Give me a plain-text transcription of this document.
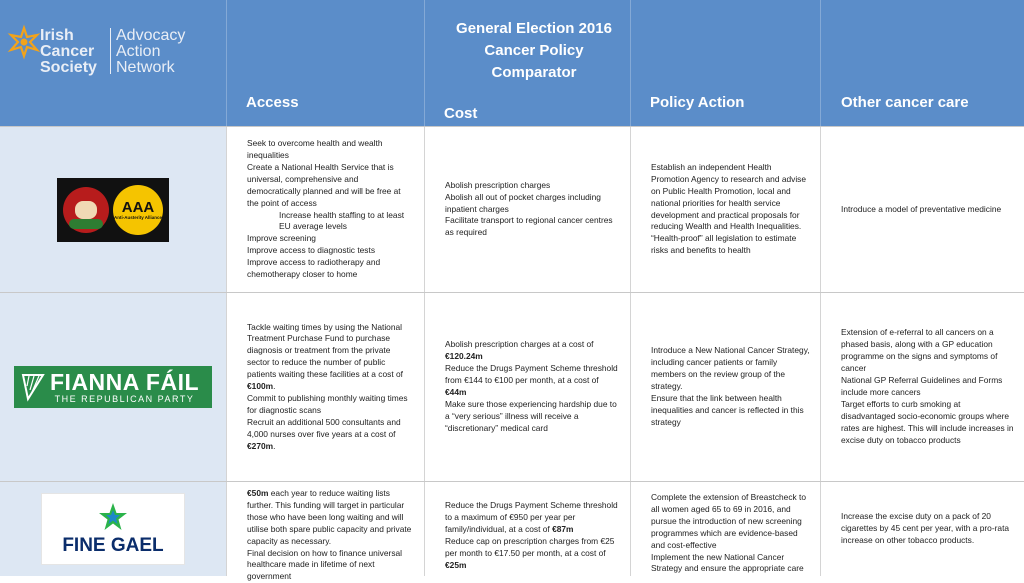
Irish
Cancer
Society
Advocacy
Action
Network
General Election 2016
Cancer Policy
Comparator
Access
Cost
Policy Action	Other cancer care
AAA
Anti-Austerity Alliance
Seek to overcome health and wealth inequalities
Create a National Health Service that is universal, comprehensive and democratically planned and will be free at the point of access
Increase health staffing to at least EU average levels
Improve screening
Improve access to diagnostic tests
Improve access to radiotherapy and chemotherapy closer to home
Abolish prescription charges
Abolish all out of pocket charges including inpatient charges
Facilitate transport to regional cancer centres as required
Establish an independent Health Promotion Agency to research and advise on Public Health Promotion, local and national priorities for health service development and practical proposals for reducing Wealth and Health Inequalities.
“Health-proof” all legislation to estimate risks and benefits to health
Introduce a model of preventative medicine
FIANNA FÁIL
THE REPUBLICAN PARTY
Tackle waiting times by using the National Treatment Purchase Fund to purchase diagnosis or treatment from the private sector to reduce the number of public patients waiting these facilities at a cost of €100m.
Commit to publishing monthly waiting times for diagnostic scans
Recruit an additional 500 consultants and 4,000 nurses over five years at a cost of €270m.
Abolish prescription charges at a cost of €120.24m
Reduce the Drugs Payment Scheme threshold from €144 to €100 per month, at a cost of €44m
Make sure those experiencing hardship due to a “very serious” illness will receive a “discretionary” medical card
Introduce a New National Cancer Strategy, including cancer patients or family members on the review group of the strategy.
Ensure that the link between health inequalities and cancer is reflected in this strategy
Extension of e-referral to all cancers on a phased basis, along with a GP education programme on the signs and symptoms of cancer
National GP Referral Guidelines and Forms include more cancers
Target efforts to curb smoking at disadvantaged socio-economic groups where rates are highest. This will include increases in excise duty on tobacco products
FINE GAEL
€50m each year to reduce waiting lists further. This funding will target in particular those who have been long waiting and will utilise both spare public capacity and private capacity as necessary.
Final decision on how to finance universal healthcare made in lifetime of next government
Reduce the Drugs Payment Scheme threshold to a maximum of €950 per year per family/individual, at a cost of €87m
Reduce cap on prescription charges from €25 per month to €17.50 per month, at a cost of €25m
Complete the extension of Breastcheck to all women aged 65 to 69 in 2016, and pursue the introduction of new screening programmes which are evidence-based and cost-effective
Implement the new National Cancer Strategy and ensure the appropriate care
Increase the excise duty on a pack of 20 cigarettes by 45 cent per year, with a pro-rata increase on other tobacco products.
